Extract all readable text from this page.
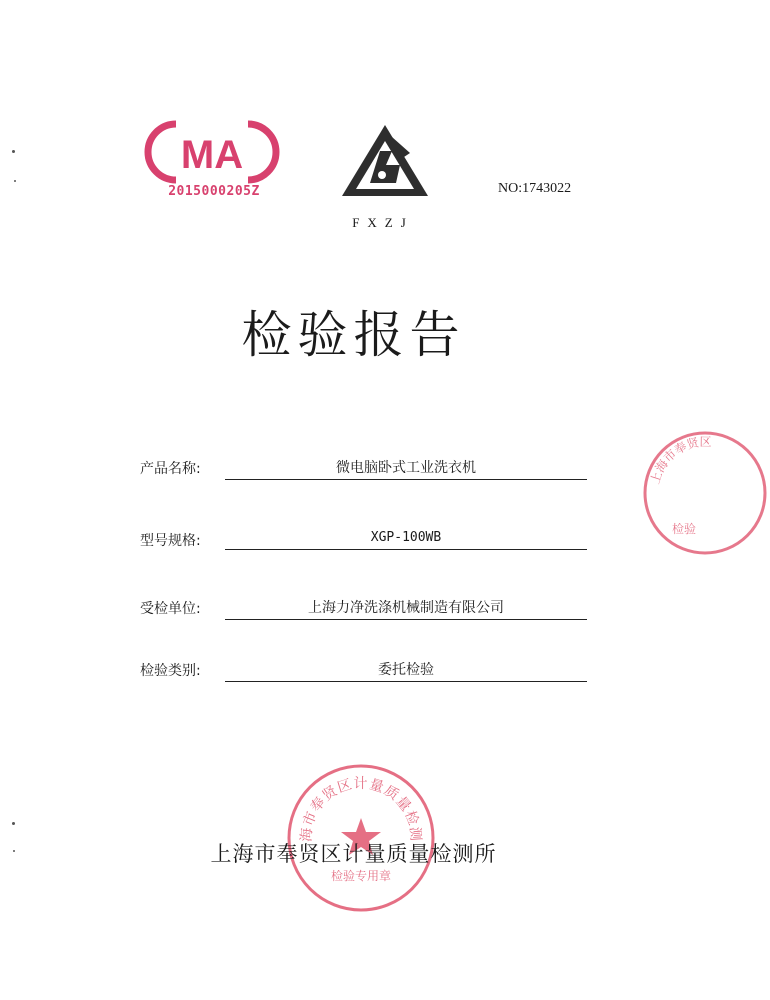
MA
2015000205Z
FXZJ
NO:1743022
检验报告
产品名称:	微电脑卧式工业洗衣机
型号规格:	XGP-100WB
受检单位:	上海力净洗涤机械制造有限公司
检验类别:	委托检验
海市奉贤区计量质量检测
检验专用章
上海市奉贤区计量质量检测所
上海市奉贤区
检验
